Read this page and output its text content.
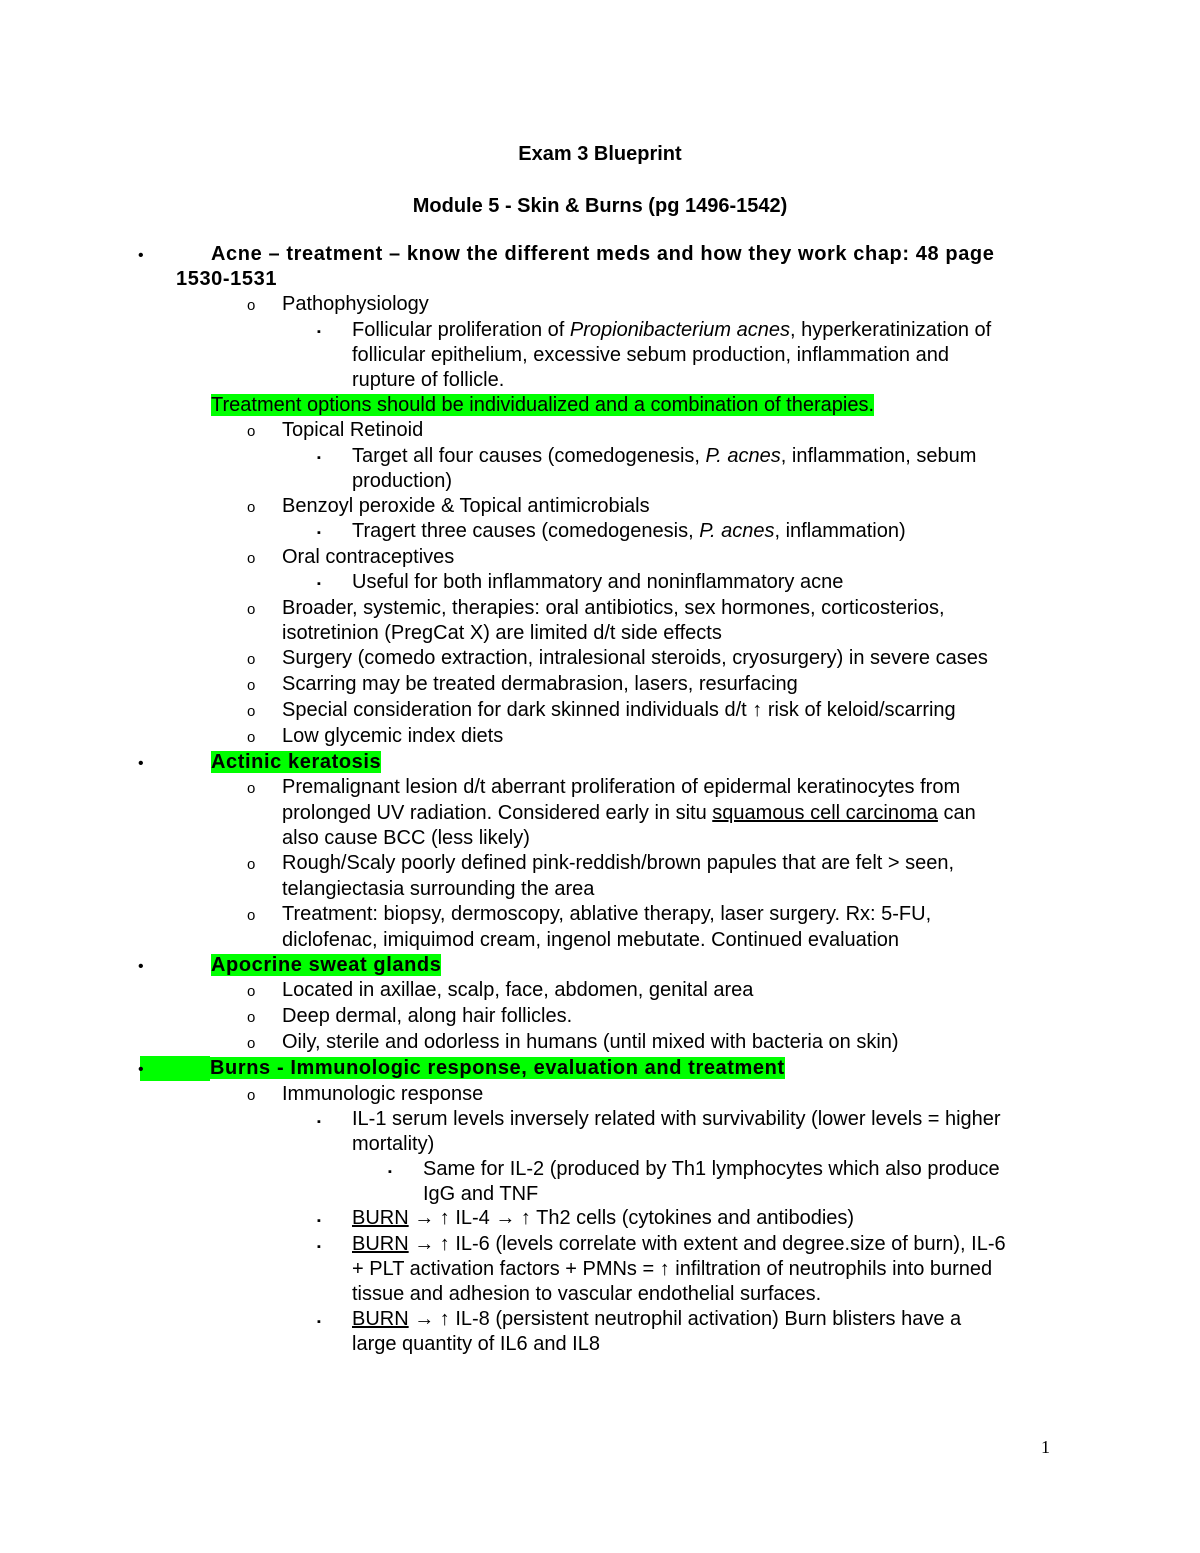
Exam 3 Blueprint
Module 5 - Skin & Burns (pg 1496-1542)
•	Acne – treatment – know the different meds and how they work chap: 48 page
1530-1531
o Pathophysiology
▪ Follicular proliferation of Propionibacterium acnes, hyperkeratinization of
follicular epithelium, excessive sebum production, inflammation and
rupture of follicle.
Treatment options should be individualized and a combination of therapies.
o Topical Retinoid
▪ Target all four causes (comedogenesis, P. acnes, inflammation, sebum
production)
o Benzoyl peroxide & Topical antimicrobials
▪ Tragert three causes (comedogenesis, P. acnes, inflammation)
o Oral contraceptives
▪ Useful for both inflammatory and noninflammatory acne
o Broader, systemic, therapies: oral antibiotics, sex hormones, corticosterios,
isotretinion (PregCat X) are limited d/t side effects
o Surgery (comedo extraction, intralesional steroids, cryosurgery) in severe cases
o Scarring may be treated dermabrasion, lasers, resurfacing
o Special consideration for dark skinned individuals d/t ↑ risk of keloid/scarring
o Low glycemic index diets
•	Actinic keratosis
o Premalignant lesion d/t aberrant proliferation of epidermal keratinocytes from
prolonged UV radiation. Considered early in situ squamous cell carcinoma can
also cause BCC (less likely)
o Rough/Scaly poorly defined pink-reddish/brown papules that are felt > seen,
telangiectasia surrounding the area
o Treatment: biopsy, dermoscopy, ablative therapy, laser surgery. Rx: 5-FU,
diclofenac, imiquimod cream, ingenol mebutate. Continued evaluation
•	Apocrine sweat glands
o Located in axillae, scalp, face, abdomen, genital area
o Deep dermal, along hair follicles.
o Oily, sterile and odorless in humans (until mixed with bacteria on skin)
•	Burns - Immunologic response, evaluation and treatment
o Immunologic response
▪ IL-1 serum levels inversely related with survivability (lower levels = higher
mortality)
▪ Same for IL-2 (produced by Th1 lymphocytes which also produce
IgG and TNF
▪ BURN → ↑ IL-4 → ↑ Th2 cells (cytokines and antibodies)
▪ BURN → ↑ IL-6 (levels correlate with extent and degree.size of burn), IL-6
+ PLT activation factors + PMNs = ↑ infiltration of neutrophils into burned
tissue and adhesion to vascular endothelial surfaces.
▪ BURN → ↑ IL-8 (persistent neutrophil activation) Burn blisters have a
large quantity of IL6 and IL8
1
